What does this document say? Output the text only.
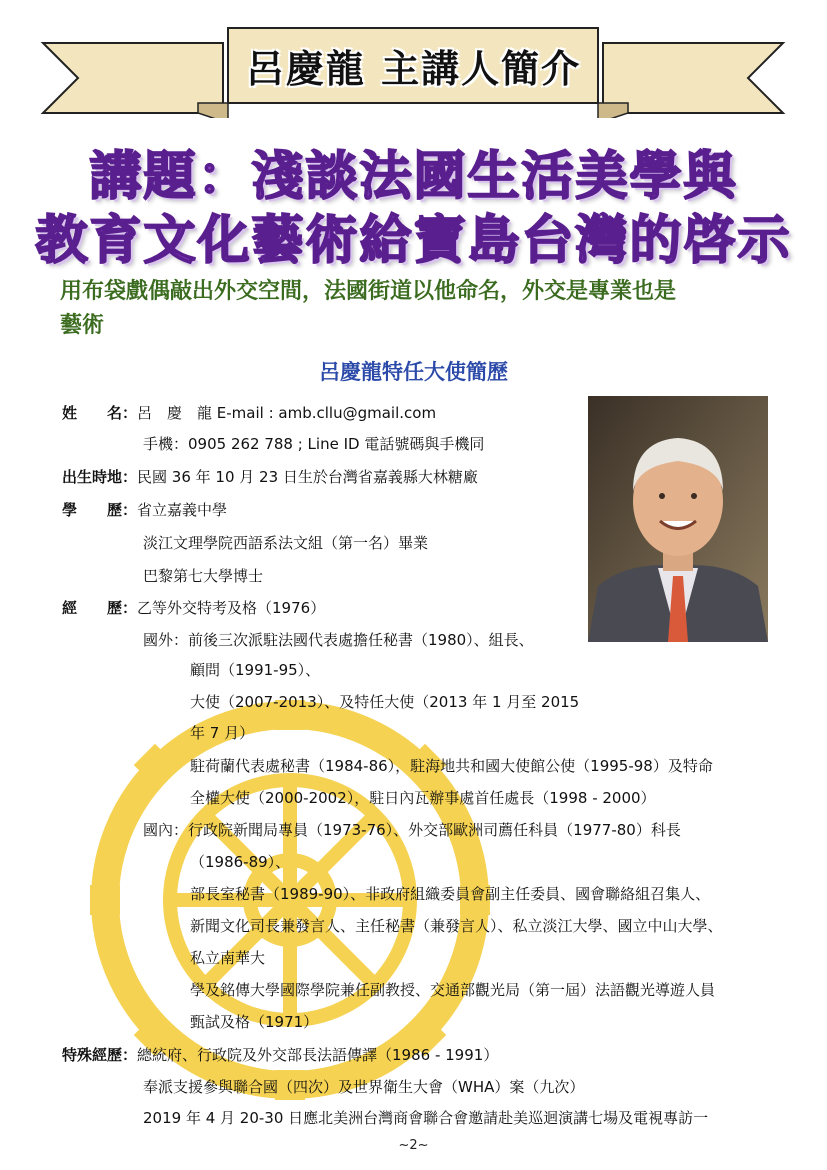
呂慶龍 主講人簡介
講題：淺談法國生活美學與
教育文化藝術給寶島台灣的啓示
用布袋戲偶敲出外交空間，法國街道以他命名，外交是專業也是
藝術
呂慶龍特任大使簡歷
姓　　名：呂　慶　龍 E-mail : amb.cllu@gmail.com
手機：0905 262 788 ; Line ID 電話號碼與手機同
出生時地：民國 36 年 10 月 23 日生於台灣省嘉義縣大林糖廠
學　　歷：省立嘉義中學
淡江文理學院西語系法文組（第一名）畢業
巴黎第七大學博士
經　　歷：乙等外交特考及格（1976）
國外：前後三次派駐法國代表處擔任秘書（1980）、組長、
顧問（1991-95）、
大使（2007-2013）、及特任大使（2013 年 1 月至 2015
年 7 月）
駐荷蘭代表處秘書（1984-86），駐海地共和國大使館公使（1995-98）及特命
全權大使（2000-2002），駐日內瓦辦事處首任處長（1998 - 2000）
國內：行政院新聞局專員（1973-76）、外交部歐洲司薦任科員（1977-80）科長
（1986-89）、
部長室秘書（1989-90）、非政府組織委員會副主任委員、國會聯絡組召集人、
新聞文化司長兼發言人、主任秘書（兼發言人）、私立淡江大學、國立中山大學、
私立南華大
學及銘傳大學國際學院兼任副教授、交通部觀光局（第一屆）法語觀光導遊人員
甄試及格（1971）
特殊經歷：總統府、行政院及外交部長法語傳譯（1986 - 1991）
奉派支援參與聯合國（四次）及世界衛生大會（WHA）案（九次）
2019 年 4 月 20-30 日應北美洲台灣商會聯合會邀請赴美巡迴演講七場及電視專訪一
~2~
